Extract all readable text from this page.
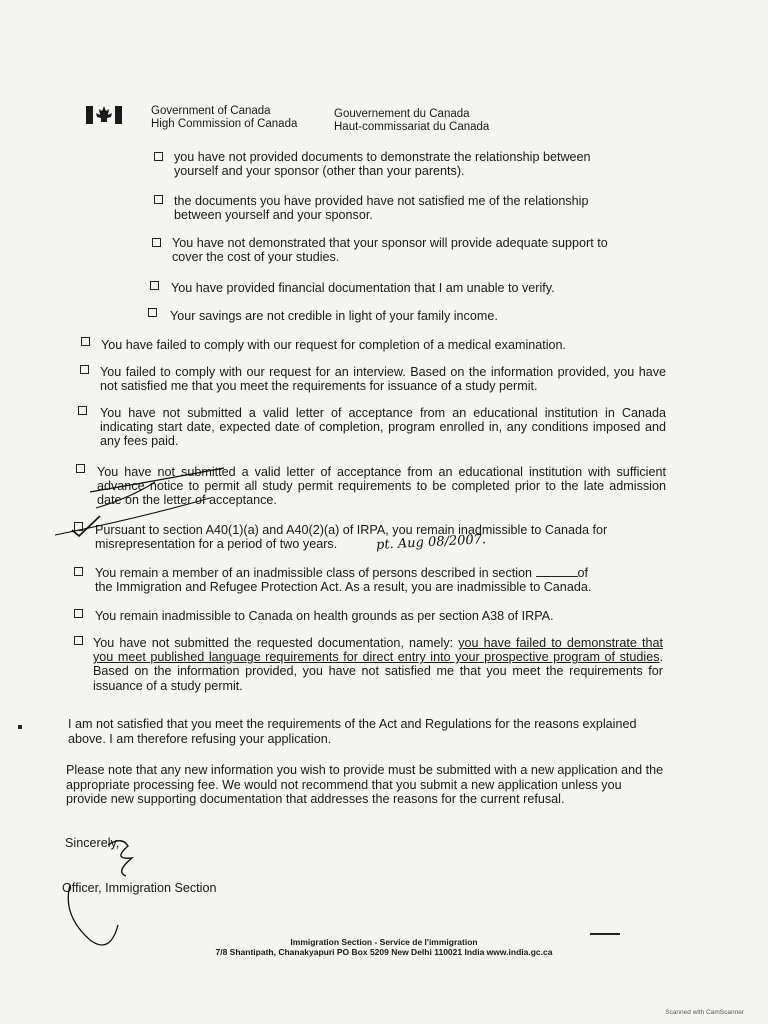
Government of Canada
High Commission of Canada
Gouvernement du Canada
Haut-commissariat du Canada
you have not provided documents to demonstrate the relationship between
yourself and your sponsor (other than your parents).
the documents you have provided have not satisfied me of the relationship
between yourself and your sponsor.
You have not demonstrated that your sponsor will provide adequate support to
cover the cost of your studies.
You have provided financial documentation that I am unable to verify.
Your savings are not credible in light of your family income.
You have failed to comply with our request for completion of a medical examination.
You failed to comply with our request for an interview. Based on the information provided, you have not satisfied me that you meet the requirements for issuance of a study permit.
You have not submitted a valid letter of acceptance from an educational institution in Canada indicating start date, expected date of completion, program enrolled in, any conditions imposed and any fees paid.
You have not submitted a valid letter of acceptance from an educational institution with sufficient advance notice to permit all study permit requirements to be completed prior to the late admission date on the letter of acceptance.
Pursuant to section A40(1)(a) and A40(2)(a) of IRPA, you remain inadmissible to Canada for
misrepresentation for a period of two years.	pt. Aug 08/2007.
You remain a member of an inadmissible class of persons described in section	of
the Immigration and Refugee Protection Act. As a result, you are inadmissible to Canada.
You remain inadmissible to Canada on health grounds as per section A38 of IRPA.
You have not submitted the requested documentation, namely: you have failed to demonstrate that you meet published language requirements for direct entry into your prospective program of studies. Based on the information provided, you have not satisfied me that you meet the requirements for issuance of a study permit.
I am not satisfied that you meet the requirements of the Act and Regulations for the reasons explained above. I am therefore refusing your application.
Please note that any new information you wish to provide must be submitted with a new application and the appropriate processing fee. We would not recommend that you submit a new application unless you provide new supporting documentation that addresses the reasons for the current refusal.
Sincerely,
Officer, Immigration Section
Immigration Section - Service de l'immigration
7/8 Shantipath, Chanakyapuri PO Box 5209 New Delhi 110021 India www.india.gc.ca
Scanned with CamScanner
